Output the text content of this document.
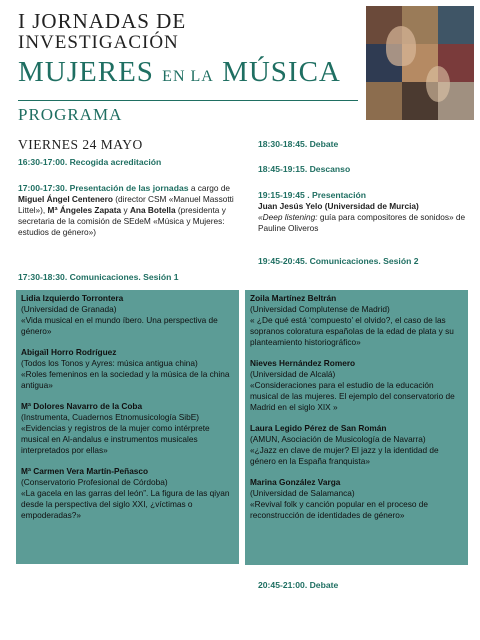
I JORNADAS DE
INVESTIGACIÓN
MUJERES EN LA MÚSICA
PROGRAMA
VIERNES 24 MAYO
16:30-17:00. Recogida acreditación
17:00-17:30. Presentación de las jornadas a cargo de Miguel Ángel Centenero (director CSM «Manuel Massotti Littel»), Mª Ángeles Zapata y Ana Botella (presidenta y secretaria de la comisión de SEdeM «Música y Mujeres: estudios de género»)
17:30-18:30. Comunicaciones. Sesión 1
Lidia Izquierdo Torrontera
(Universidad de Granada)
«Vida musical en el mundo íbero. Una perspectiva de género»
Abigaïl Horro Rodríguez
(Todos los Tonos y Ayres: música antigua china)
«Roles femeninos en la sociedad y la música de la china antigua»
Mª Dolores Navarro de la Coba
(Instrumenta, Cuadernos Etnomusicología SibE)
«Evidencias y registros de la mujer como intérprete musical en Al-andalus e instrumentos musicales interpretados por ellas»
Mª Carmen Vera Martín-Peñasco
(Conservatorio Profesional de Córdoba)
«La gacela en las garras del león”. La figura de las qiyan desde la perspectiva del siglo XXI, ¿víctimas o empoderadas?»
18:30-18:45. Debate
18:45-19:15. Descanso
19:15-19:45 . Presentación
Juan Jesús Yelo (Universidad de Murcia)
«Deep listening: guía para compositores de sonidos» de Pauline Oliveros
19:45-20:45. Comunicaciones. Sesión 2
Zoila Martínez Beltrán
(Universidad Complutense de Madrid)
« ¿De qué está ‘compuesto’ el olvido?, el caso de las sopranos coloratura españolas de la edad de plata y su planteamiento historiográfico»
Nieves Hernández Romero
(Universidad de Alcalá)
«Consideraciones para el estudio de la educación musical de las mujeres. El ejemplo del conservatorio de Madrid en el siglo XIX »
Laura Legido Pérez de San Román
(AMUN, Asociación de Musicología de Navarra)
«¿Jazz en clave de mujer? El jazz y la identidad de género en la España franquista»
Marina González Varga
(Universidad de Salamanca)
«Revival folk y canción popular en el proceso de reconstrucción de identidades de género»
20:45-21:00. Debate
